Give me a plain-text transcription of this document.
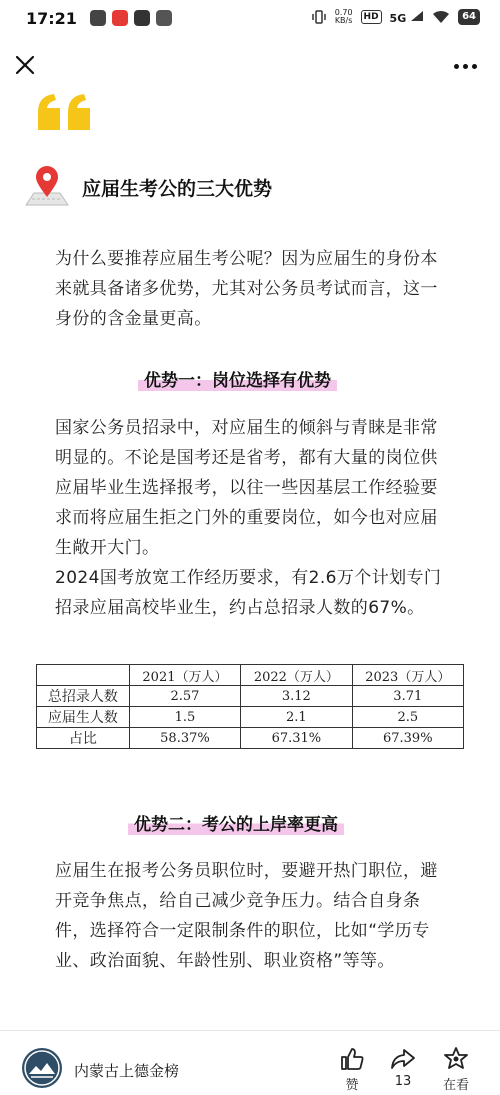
17:21	0.70
KB/s	HD 5G	64
应届生考公的三大优势
为什么要推荐应届生考公呢？因为应届生的身份本来就具备诸多优势，尤其对公务员考试而言，这一身份的含金量更高。
优势一：岗位选择有优势
国家公务员招录中，对应届生的倾斜与青睐是非常明显的。不论是国考还是省考，都有大量的岗位供应届毕业生选择报考，以往一些因基层工作经验要求而将应届生拒之门外的重要岗位，如今也对应届生敞开大门。
2024国考放宽工作经历要求，有2.6万个计划专门招录应届高校毕业生，约占总招录人数的67%。
	2021（万人）	2022（万人）	2023（万人）
总招录人数	2.57	3.12	3.71
应届生人数	1.5	2.1	2.5
占比	58.37%	67.31%	67.39%
优势二：考公的上岸率更高
应届生在报考公务员职位时，要避开热门职位，避开竞争焦点，给自己减少竞争压力。结合自身条件，选择符合一定限制条件的职位，比如“学历专业、政治面貌、年龄性别、职业资格”等等。
内蒙古上德金榜
赞	13	在看
